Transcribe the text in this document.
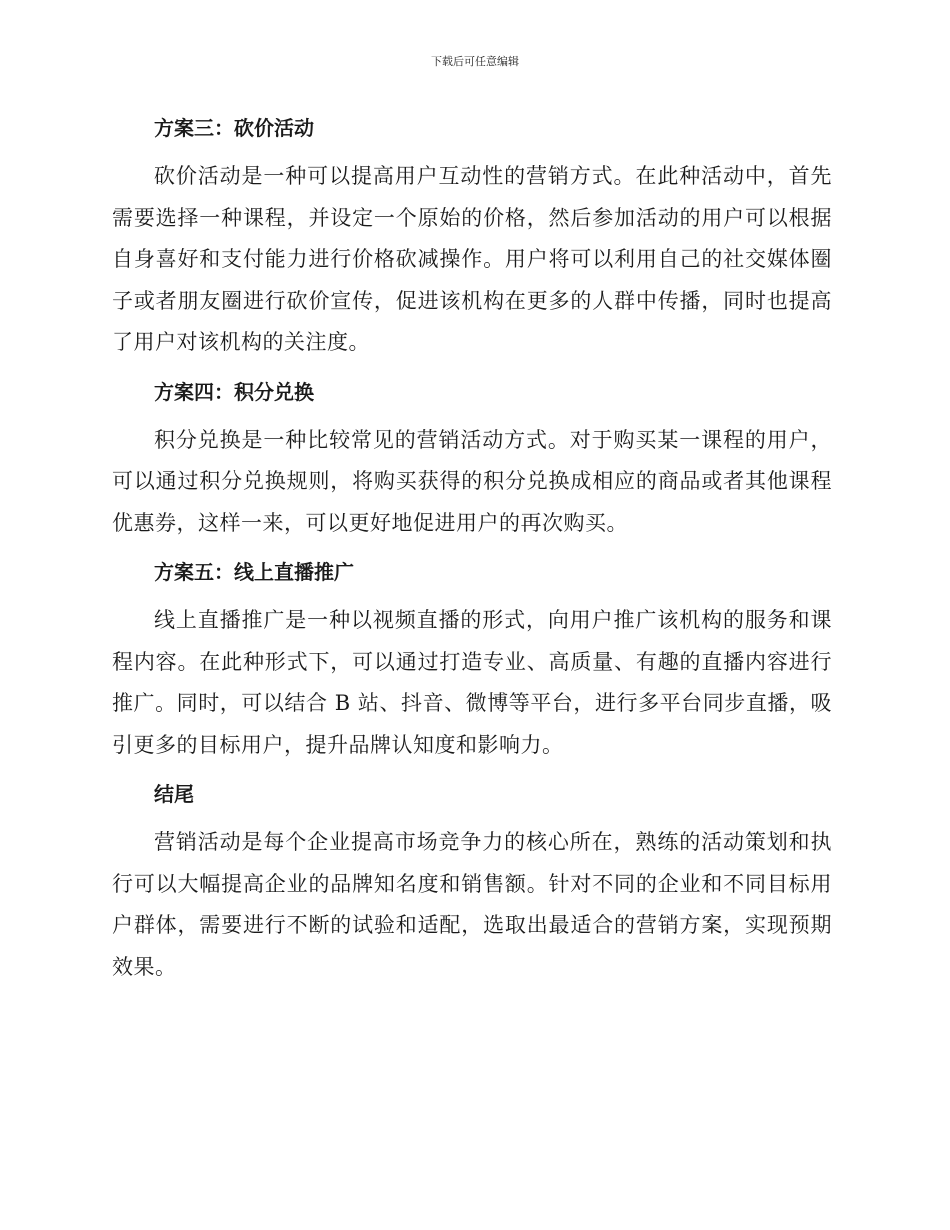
下载后可任意编辑
方案三：砍价活动

砍价活动是一种可以提高用户互动性的营销方式。在此种活动中，首先需要选择一种课程，并设定一个原始的价格，然后参加活动的用户可以根据自身喜好和支付能力进行价格砍减操作。用户将可以利用自己的社交媒体圈子或者朋友圈进行砍价宣传，促进该机构在更多的人群中传播，同时也提高了用户对该机构的关注度。

方案四：积分兑换

积分兑换是一种比较常见的营销活动方式。对于购买某一课程的用户，可以通过积分兑换规则，将购买获得的积分兑换成相应的商品或者其他课程优惠券，这样一来，可以更好地促进用户的再次购买。

方案五：线上直播推广

线上直播推广是一种以视频直播的形式，向用户推广该机构的服务和课程内容。在此种形式下，可以通过打造专业、高质量、有趣的直播内容进行推广。同时，可以结合 B 站、抖音、微博等平台，进行多平台同步直播，吸引更多的目标用户，提升品牌认知度和影响力。

结尾

营销活动是每个企业提高市场竞争力的核心所在，熟练的活动策划和执行可以大幅提高企业的品牌知名度和销售额。针对不同的企业和不同目标用户群体，需要进行不断的试验和适配，选取出最适合的营销方案，实现预期效果。
